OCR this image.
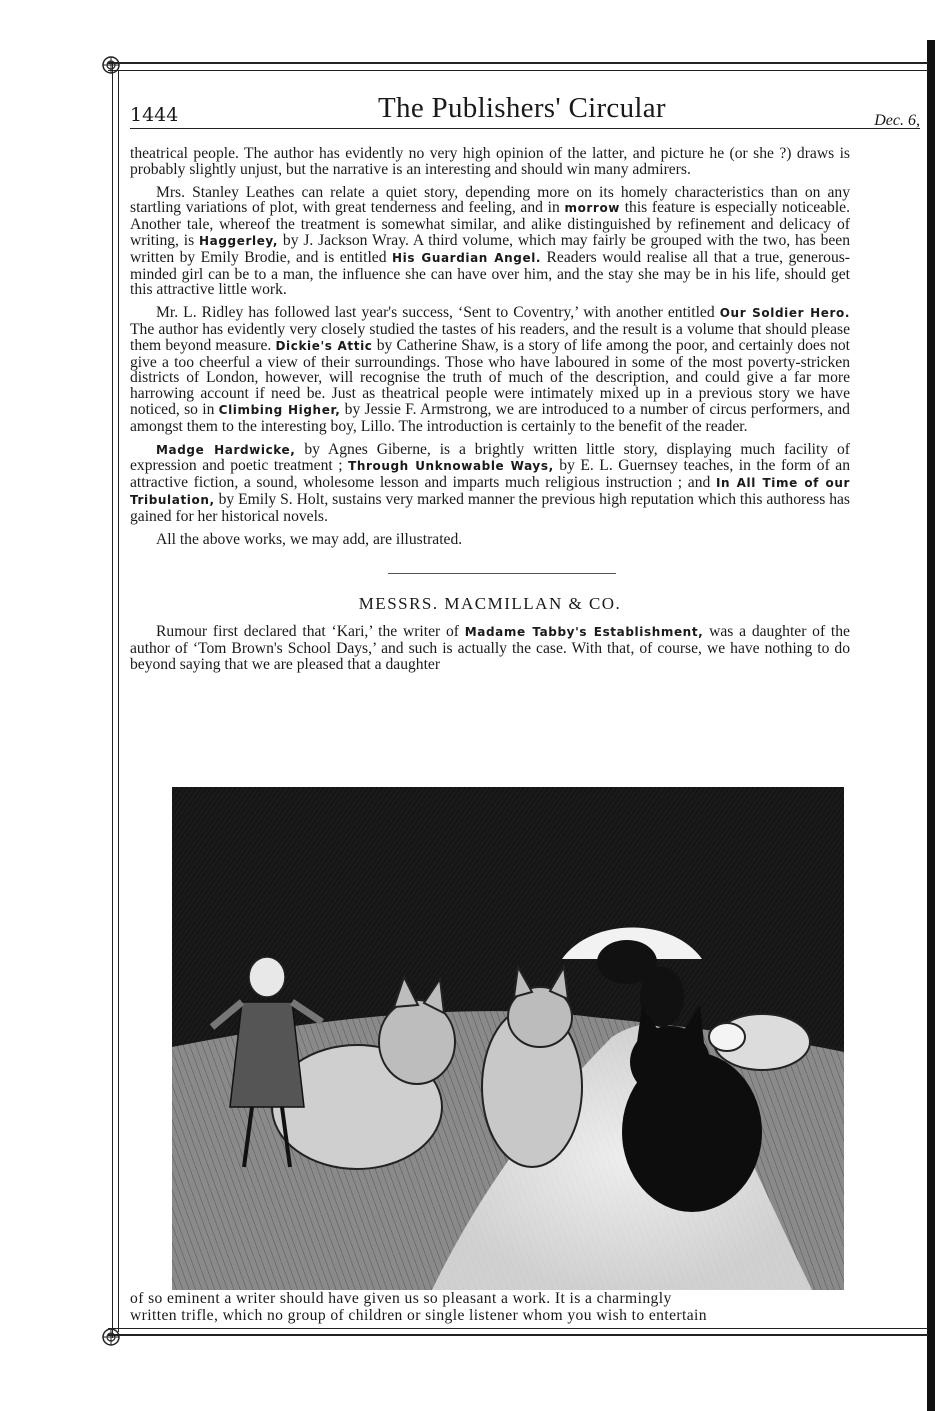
1444	The Publishers' Circular	Dec. 6,

theatrical people. The author has evidently no very high opinion of the latter, and picture he (or she ?) draws is probably slightly unjust, but the narrative is an interesting and should win many admirers.

Mrs. Stanley Leathes can relate a quiet story, depending more on its homely characteristics than on any startling variations of plot, with great tenderness and feeling, and in morrow this feature is especially noticeable. Another tale, whereof the treatment is somewhat similar, and alike distinguished by refinement and delicacy of writing, is Haggerley, by J. Jackson Wray. A third volume, which may fairly be grouped with the two, has been written by Emily Brodie, and is entitled His Guardian Angel. Readers would realise all that a true, generous-minded girl can be to a man, the influence she can have over him, and the stay she may be in his life, should get this attractive little work.

Mr. L. Ridley has followed last year's success, ‘Sent to Coventry,’ with another entitled Our Soldier Hero. The author has evidently very closely studied the tastes of his readers, and the result is a volume that should please them beyond measure. Dickie's Attic by Catherine Shaw, is a story of life among the poor, and certainly does not give a too cheerful a view of their surroundings. Those who have laboured in some of the most poverty-stricken districts of London, however, will recognise the truth of much of the description, and could give a far more harrowing account if need be. Just as theatrical people were intimately mixed up in a previous story we have noticed, so in Climbing Higher, by Jessie F. Armstrong, we are introduced to a number of circus performers, and amongst them to the interesting boy, Lillo. The introduction is certainly to the benefit of the reader.

Madge Hardwicke, by Agnes Giberne, is a brightly written little story, displaying much facility of expression and poetic treatment ; Through Unknowable Ways, by E. L. Guernsey teaches, in the form of an attractive fiction, a sound, wholesome lesson and imparts much religious instruction ; and In All Time of our Tribulation, by Emily S. Holt, sustains very marked manner the previous high reputation which this authoress has gained for her historical novels.

All the above works, we may add, are illustrated.

MESSRS. MACMILLAN & CO.

Rumour first declared that ‘Kari,’ the writer of Madame Tabby's Establishment, was a daughter of the author of ‘Tom Brown's School Days,’ and such is actually the case. With that, of course, we have nothing to do beyond saying that we are pleased that a daughter

of so eminent a writer should have given us so pleasant a work. It is a charmingly

written trifle, which no group of children or single listener whom you wish to entertain
